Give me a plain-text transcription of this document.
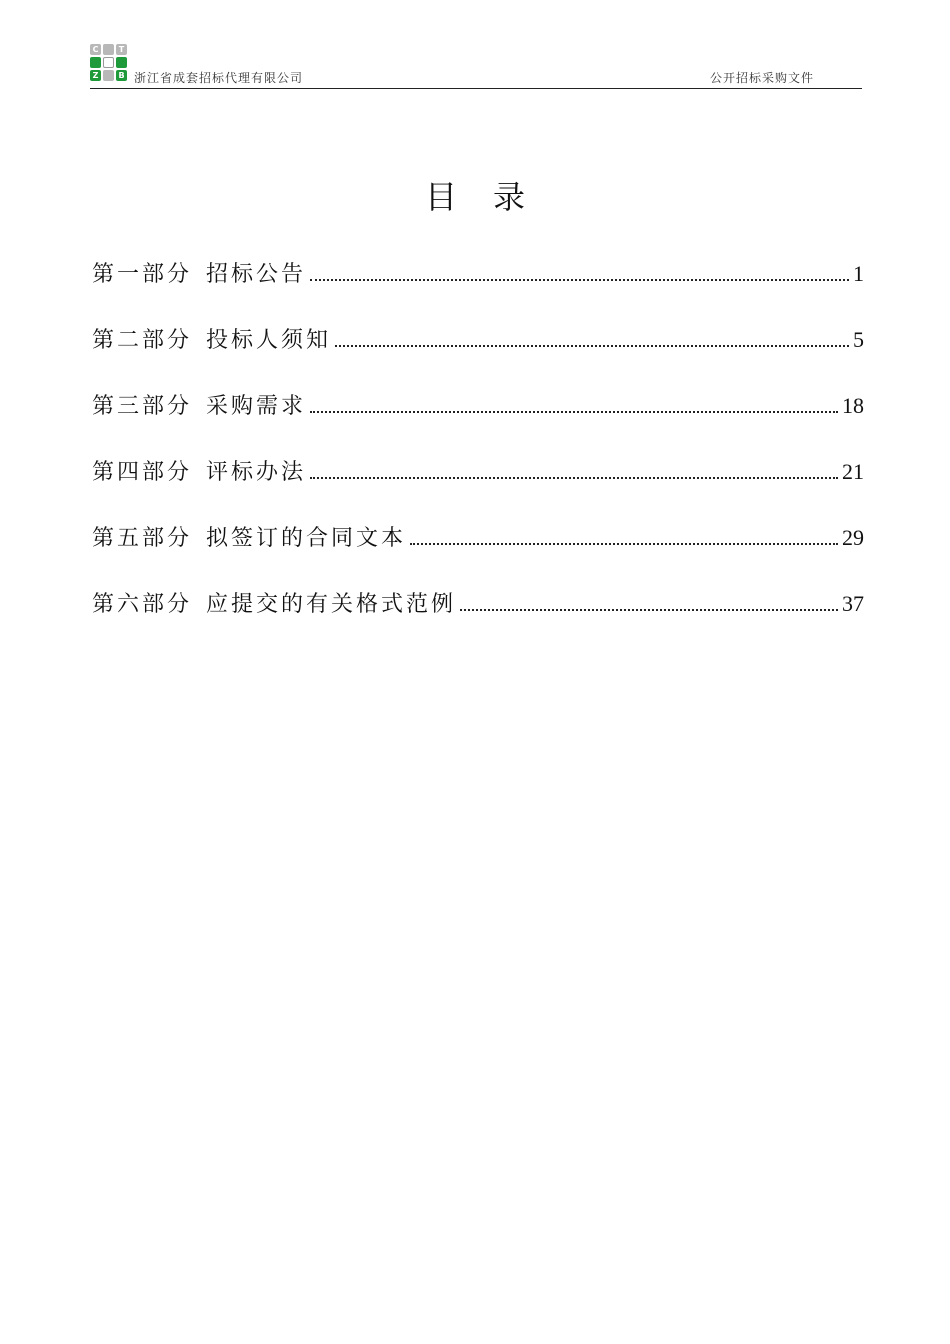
C	T
Z	B 浙江省成套招标代理有限公司	公开招标采购文件
目 录
第一部分 招标公告	1
第二部分 投标人须知	5
第三部分 采购需求	18
第四部分 评标办法	21
第五部分 拟签订的合同文本	29
第六部分 应提交的有关格式范例	37
